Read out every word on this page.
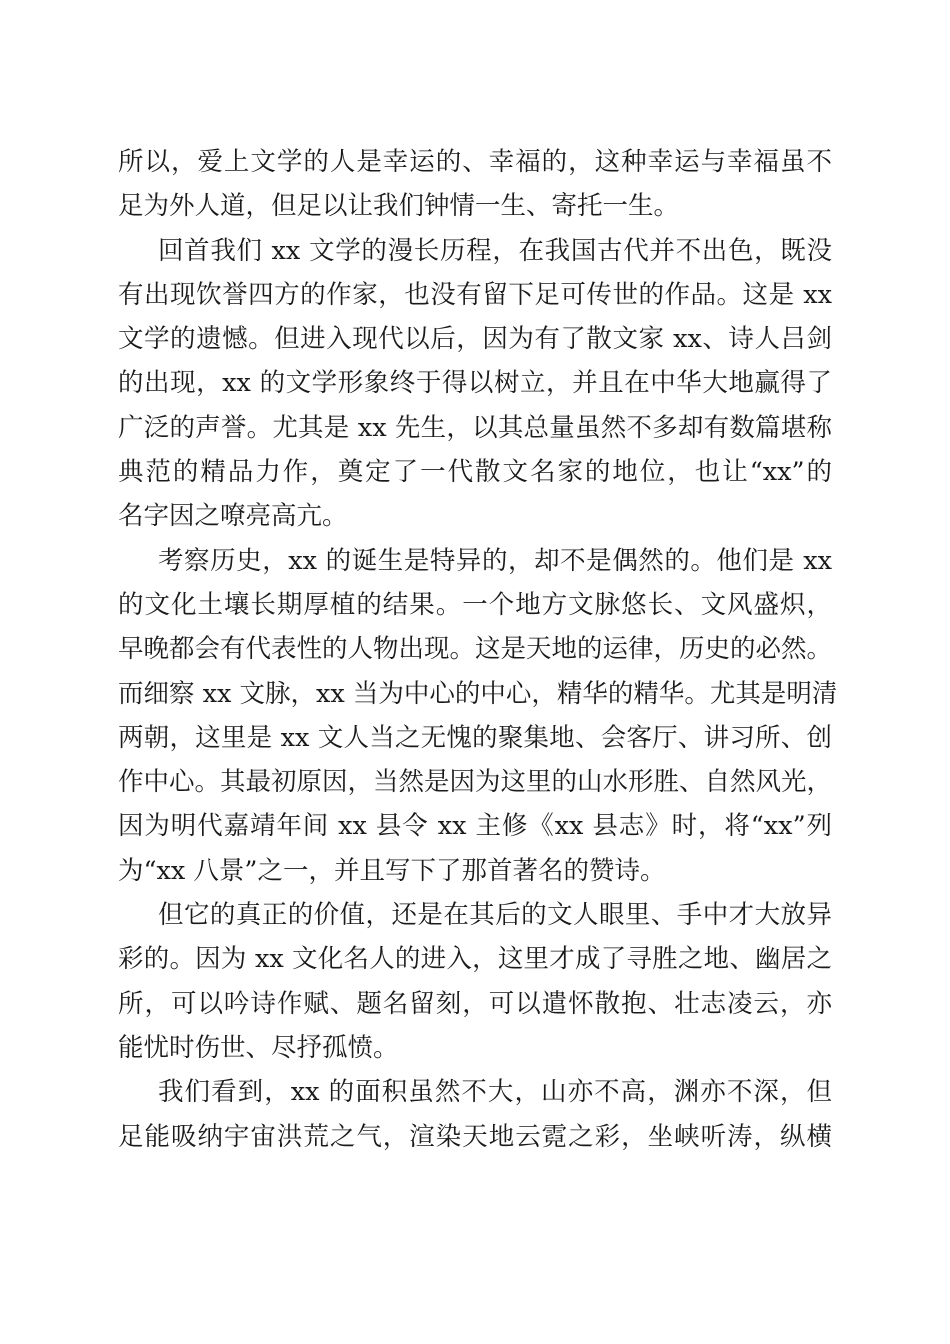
所以，爱上文学的人是幸运的、幸福的，这种幸运与幸福虽不
足为外人道，但足以让我们钟情一生、寄托一生。
回首我们 xx 文学的漫长历程，在我国古代并不出色，既没
有出现饮誉四方的作家，也没有留下足可传世的作品。这是 xx
文学的遗憾。但进入现代以后，因为有了散文家 xx、诗人吕剑
的出现，xx 的文学形象终于得以树立，并且在中华大地赢得了
广泛的声誉。尤其是 xx 先生，以其总量虽然不多却有数篇堪称
典范的精品力作，奠定了一代散文名家的地位，也让“xx”的
名字因之嘹亮高亢。
考察历史，xx 的诞生是特异的，却不是偶然的。他们是 xx
的文化土壤长期厚植的结果。一个地方文脉悠长、文风盛炽，
早晚都会有代表性的人物出现。这是天地的运律，历史的必然。
而细察 xx 文脉，xx 当为中心的中心，精华的精华。尤其是明清
两朝，这里是 xx 文人当之无愧的聚集地、会客厅、讲习所、创
作中心。其最初原因，当然是因为这里的山水形胜、自然风光，
因为明代嘉靖年间 xx 县令 xx 主修《xx 县志》时，将“xx”列
为“xx 八景”之一，并且写下了那首著名的赞诗。
但它的真正的价值，还是在其后的文人眼里、手中才大放异
彩的。因为 xx 文化名人的进入，这里才成了寻胜之地、幽居之
所，可以吟诗作赋、题名留刻，可以遣怀散抱、壮志凌云，亦
能忧时伤世、尽抒孤愤。
我们看到，xx 的面积虽然不大，山亦不高，渊亦不深，但
足能吸纳宇宙洪荒之气，渲染天地云霓之彩，坐峡听涛，纵横
